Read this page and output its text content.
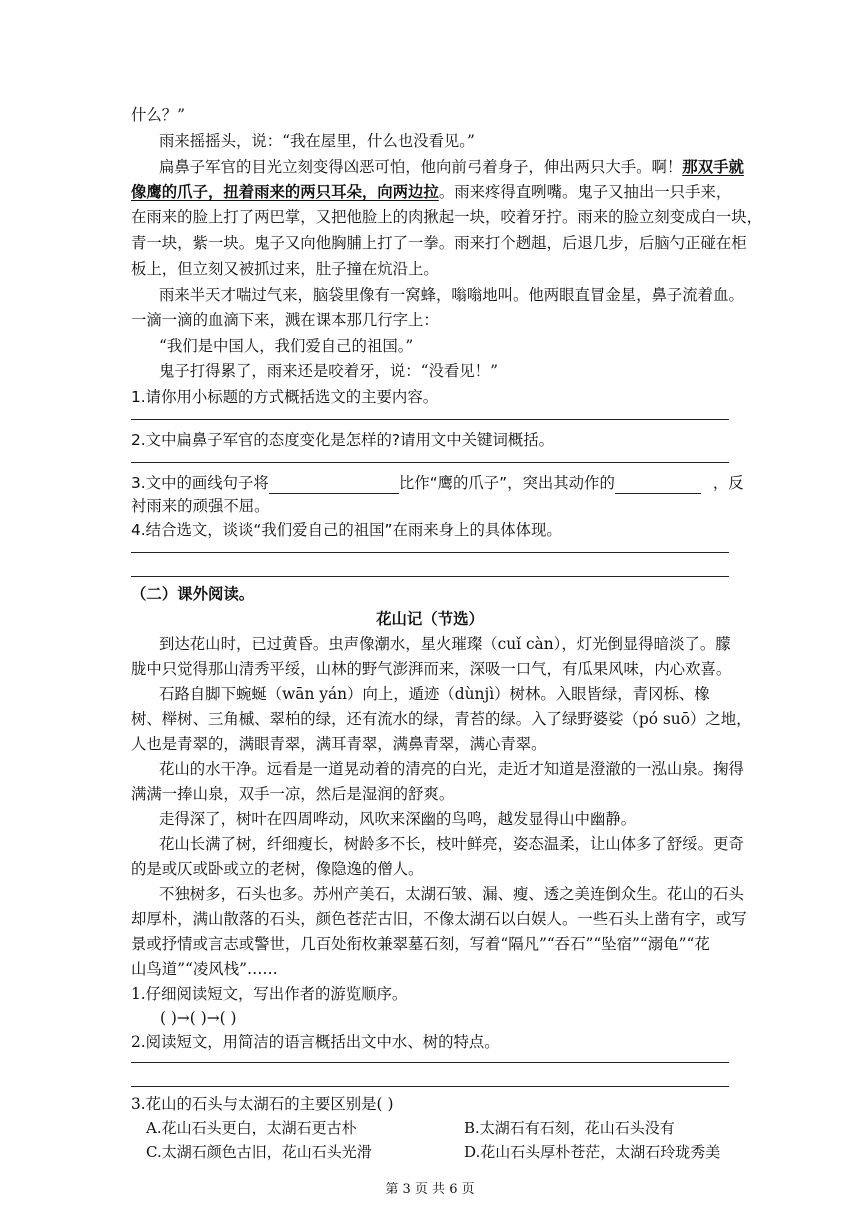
什么？”
雨来摇摇头，说：“我在屋里，什么也没看见。”
扁鼻子军官的目光立刻变得凶恶可怕，他向前弓着身子，伸出两只大手。啊！那双手就
像鹰的爪子，扭着雨来的两只耳朵，向两边拉。雨来疼得直咧嘴。鬼子又抽出一只手来，
在雨来的脸上打了两巴掌，又把他脸上的肉揪起一块，咬着牙拧。雨来的脸立刻变成白一块，
青一块，紫一块。鬼子又向他胸脯上打了一拳。雨来打个趔趄，后退几步，后脑勺正碰在柜
板上，但立刻又被抓过来，肚子撞在炕沿上。
雨来半天才喘过气来，脑袋里像有一窝蜂，嗡嗡地叫。他两眼直冒金星，鼻子流着血。
一滴一滴的血滴下来，溅在课本那几行字上：
“我们是中国人，我们爱自己的祖国。”
鬼子打得累了，雨来还是咬着牙，说：“没看见！”
1.请你用小标题的方式概括选文的主要内容。
2.文中扁鼻子军官的态度变化是怎样的?请用文中关键词概括。
3.文中的画线句子将	比作“鹰的爪子”，突出其动作的	，反
衬雨来的顽强不屈。
4.结合选文，谈谈“我们爱自己的祖国”在雨来身上的具体体现。
（二）课外阅读。
花山记（节选）
到达花山时，已过黄昏。虫声像潮水，星火璀璨（cuǐ càn），灯光倒显得暗淡了。朦
胧中只觉得那山清秀平绥，山林的野气澎湃而来，深吸一口气，有瓜果风味，内心欢喜。
石路自脚下蜿蜒（wān yán）向上，遁迹（dùnjì）树林。入眼皆绿，青冈栎、橡
树、榉树、三角槭、翠柏的绿，还有流水的绿，青苔的绿。入了绿野婆娑（pó suō）之地，
人也是青翠的，满眼青翠，满耳青翠，满鼻青翠，满心青翠。
花山的水干净。远看是一道晃动着的清亮的白光，走近才知道是澄澈的一泓山泉。掬得
满满一捧山泉，双手一凉，然后是湿润的舒爽。
走得深了，树叶在四周哗动，风吹来深幽的鸟鸣，越发显得山中幽静。
花山长满了树，纤细瘦长，树龄多不长，枝叶鲜亮，姿态温柔，让山体多了舒绥。更奇
的是或仄或卧或立的老树，像隐逸的僧人。
不独树多，石头也多。苏州产美石，太湖石皱、漏、瘦、透之美连倒众生。花山的石头
却厚朴，满山散落的石头，颜色苍茫古旧，不像太湖石以白娱人。一些石头上凿有字，或写
景或抒情或言志或警世，几百处衔枚兼翠墓石刻，写着“隔凡”“吞石”“坠宿”“溺龟”“花
山鸟道”“凌风栈”……
1.仔细阅读短文，写出作者的游览顺序。
( )→( )→( )
2.阅读短文，用简洁的语言概括出文中水、树的特点。
3.花山的石头与太湖石的主要区别是( )
A.花山石头更白，太湖石更古朴	B.太湖石有石刻，花山石头没有
C.太湖石颜色古旧，花山石头光滑	D.花山石头厚朴苍茫，太湖石玲珑秀美
第 3 页 共 6 页
